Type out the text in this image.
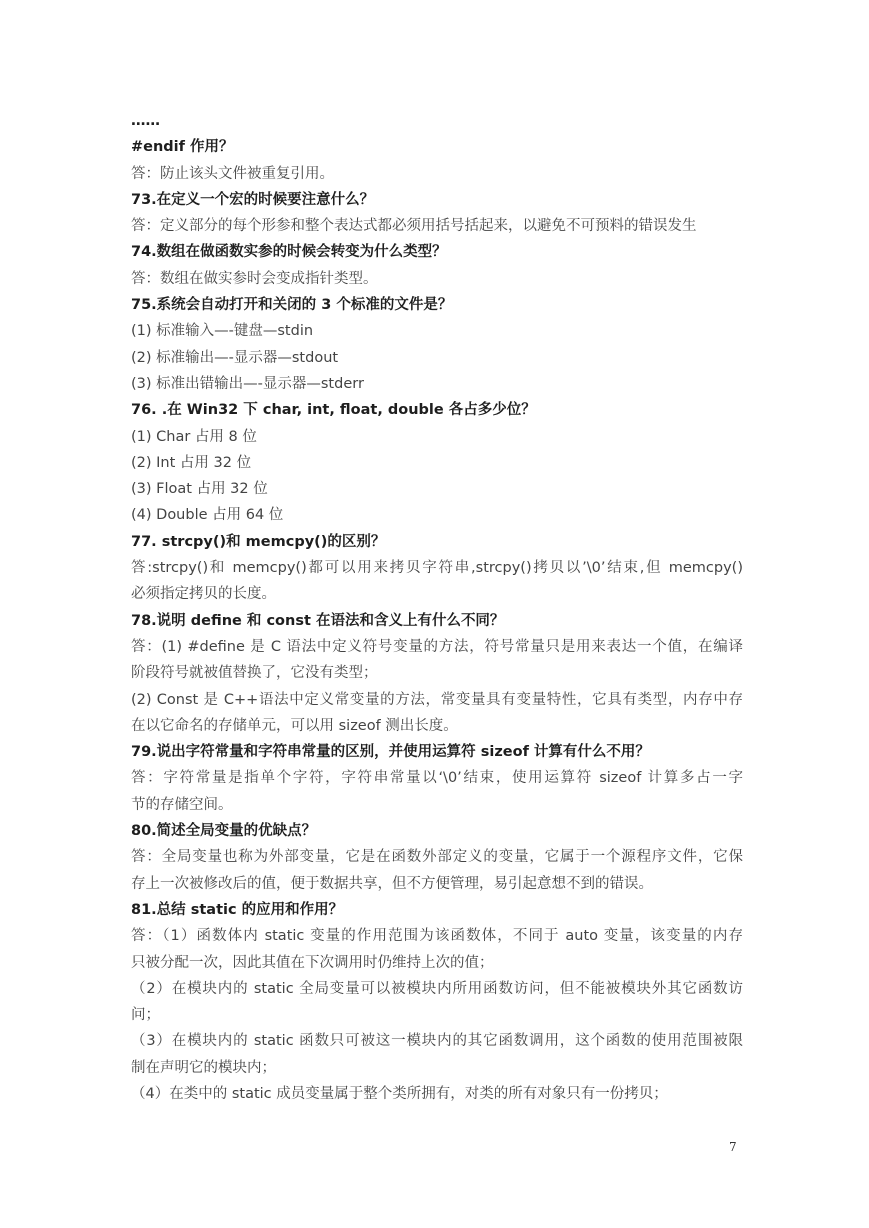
……
#endif 作用？
答：防止该头文件被重复引用。
73.在定义一个宏的时候要注意什么？
答：定义部分的每个形参和整个表达式都必须用括号括起来，以避免不可预料的错误发生
74.数组在做函数实参的时候会转变为什么类型？
答：数组在做实参时会变成指针类型。
75.系统会自动打开和关闭的 3 个标准的文件是？
(1) 标准输入—-键盘—stdin
(2) 标准输出—-显示器—stdout
(3) 标准出错输出—-显示器—stderr
76. .在 Win32 下 char, int, float, double 各占多少位？
(1) Char 占用 8 位
(2) Int 占用 32 位
(3) Float 占用 32 位
(4) Double 占用 64 位
77. strcpy()和 memcpy()的区别？
答:strcpy()和 memcpy()都可以用来拷贝字符串,strcpy()拷贝以’\0’结束,但 memcpy()
必须指定拷贝的长度。
78.说明 define 和 const 在语法和含义上有什么不同？
答：(1) #define 是 C 语法中定义符号变量的方法，符号常量只是用来表达一个值，在编译
阶段符号就被值替换了，它没有类型；
(2) Const 是 C++语法中定义常变量的方法，常变量具有变量特性，它具有类型，内存中存
在以它命名的存储单元，可以用 sizeof 测出长度。
79.说出字符常量和字符串常量的区别，并使用运算符 sizeof 计算有什么不用？
答：字符常量是指单个字符，字符串常量以‘\0’结束，使用运算符 sizeof 计算多占一字
节的存储空间。
80.简述全局变量的优缺点？
答：全局变量也称为外部变量，它是在函数外部定义的变量，它属于一个源程序文件，它保
存上一次被修改后的值，便于数据共享，但不方便管理，易引起意想不到的错误。
81.总结 static 的应用和作用？
答：（1）函数体内 static 变量的作用范围为该函数体，不同于 auto 变量，该变量的内存
只被分配一次，因此其值在下次调用时仍维持上次的值；
（2）在模块内的 static 全局变量可以被模块内所用函数访问，但不能被模块外其它函数访
问；
（3）在模块内的 static 函数只可被这一模块内的其它函数调用，这个函数的使用范围被限
制在声明它的模块内；
（4）在类中的 static 成员变量属于整个类所拥有，对类的所有对象只有一份拷贝；
7
